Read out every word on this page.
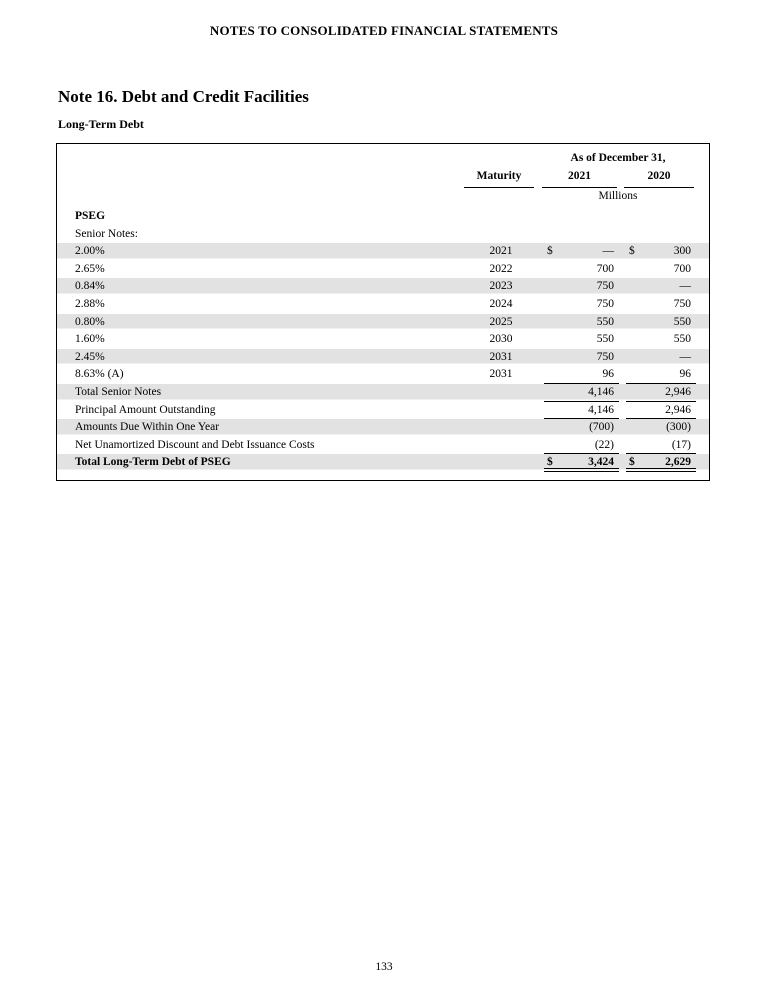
NOTES TO CONSOLIDATED FINANCIAL STATEMENTS
Note 16. Debt and Credit Facilities
Long-Term Debt
As of December 31,
Maturity	2021	2020
Millions
PSEG
Senior Notes:
2.00%	2021	$	— $	300
2.65%	2022	700	700
0.84%	2023	750	—
2.88%	2024	750	750
0.80%	2025	550	550
1.60%	2030	550	550
2.45%	2031	750	—
8.63% (A)	2031	96	96
Total Senior Notes	4,146	2,946
Principal Amount Outstanding	4,146	2,946
Amounts Due Within One Year	(700)	(300)
Net Unamortized Discount and Debt Issuance Costs	(22)	(17)
Total Long-Term Debt of PSEG	$	3,424 $	2,629
133
